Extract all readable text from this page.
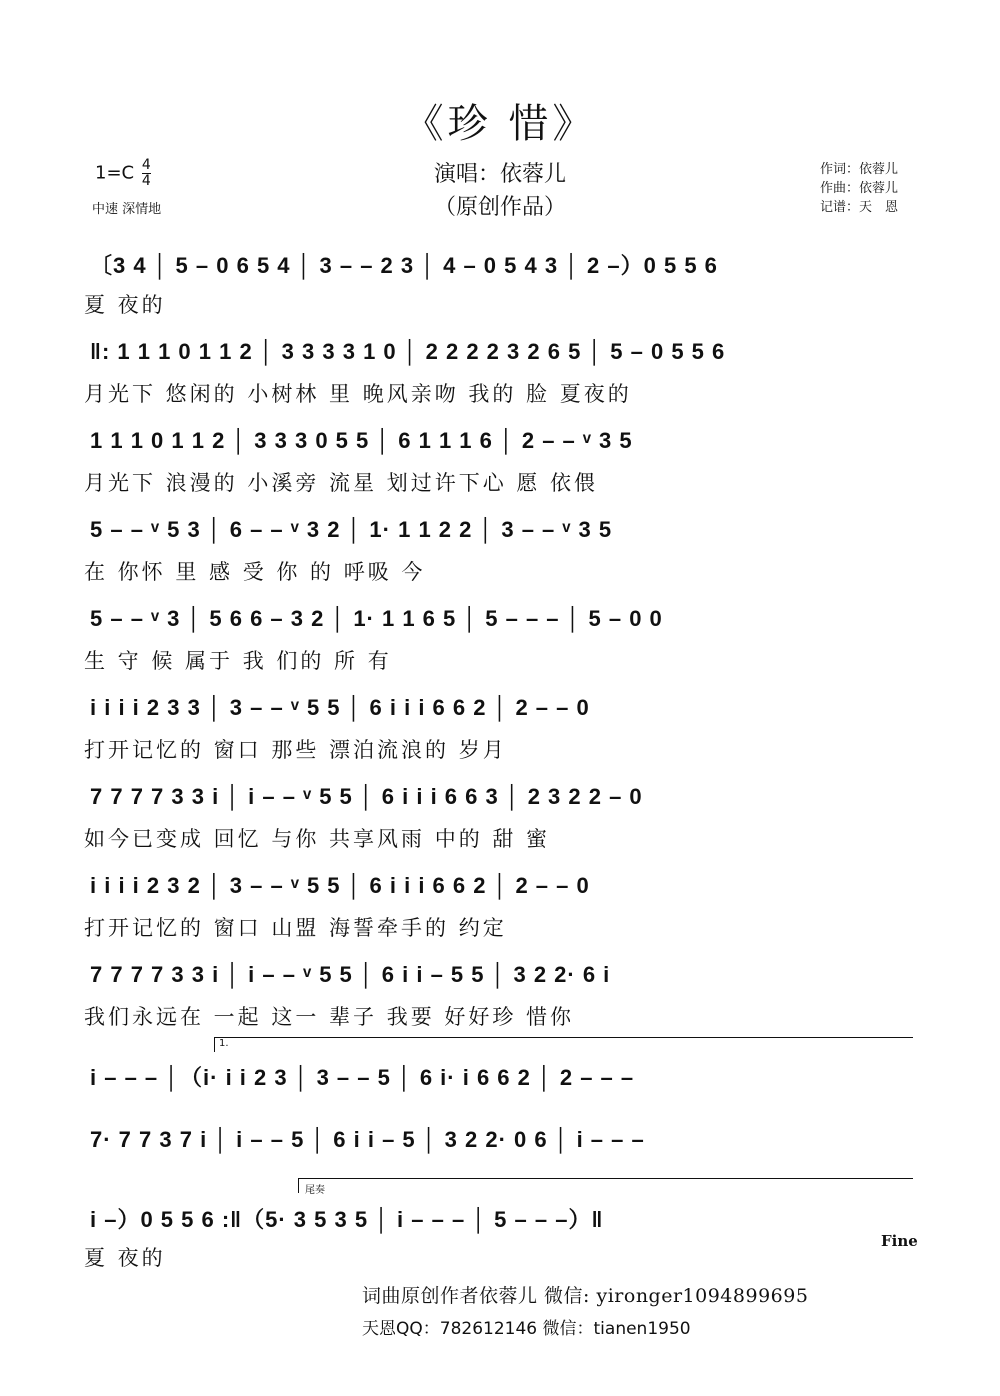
《珍 惜》
演唱：依蓉儿
（原创作品）
$1=C \frac{4}{4}$
中速 深情地
作词：依蓉儿
作曲：依蓉儿
记谱：天　恩
〔3 4 │ 5 – 0 6 5 4 │ 3 – – 2 3 │ 4 – 0 5 4 3 │ 2 –）0 5 5 6
夏 夜的
‖: 1 1 1 0 1 1 2 │ 3 3 3 3 1 0 │ 2 2 2 2 3 2 6 5 │ 5 – 0 5 5 6
月光下 悠闲的 小树林 里 晚风亲吻 我的 脸 夏夜的
1 1 1 0 1 1 2 │ 3 3 3 0 5 5 │ 6 1 1 1 6 │ 2 – – ᵛ 3 5
月光下 浪漫的 小溪旁 流星 划过许下心 愿 依偎
5 – – ᵛ 5 3 │ 6 – – ᵛ 3 2 │ 1· 1 1 2 2 │ 3 – – ᵛ 3 5
在 你怀 里 感 受 你 的 呼吸 今
5 – – ᵛ 3 │ 5 6 6 – 3 2 │ 1· 1 1 6 5 │ 5 – – – │ 5 – 0 0
生 守 候 属于 我 们的 所 有
i i i i 2 3 3 │ 3 – – ᵛ 5 5 │ 6 i i i 6 6 2 │ 2 – – 0
打开记忆的 窗口 那些 漂泊流浪的 岁月
7 7 7 7 3 3 i │ i – – ᵛ 5 5 │ 6 i i i 6 6 3 │ 2 3 2 2 – 0
如今已变成 回忆 与你 共享风雨 中的 甜 蜜
i i i i 2 3 2 │ 3 – – ᵛ 5 5 │ 6 i i i 6 6 2 │ 2 – – 0
打开记忆的 窗口 山盟 海誓牵手的 约定
7 7 7 7 3 3 i │ i – – ᵛ 5 5 │ 6 i i – 5 5 │ 3 2 2· 6 i
我们永远在 一起 这一 辈子 我要 好好珍 惜你
1.
i – – – │（i· i i 2 3 │ 3 – – 5 │ 6 i· i 6 6 2 │ 2 – – –
7· 7 7 3 7 i │ i – – 5 │ 6 i i – 5 │ 3 2 2· 0 6 │ i – – –
尾奏
i –）0 5 5 6 :‖（5· 3 5 3 5 │ i – – – │ 5 – – –）‖
夏 夜的
Fine
词曲原创作者依蓉儿 微信: yironger1094899695
天恩QQ：782612146 微信：tianen1950
